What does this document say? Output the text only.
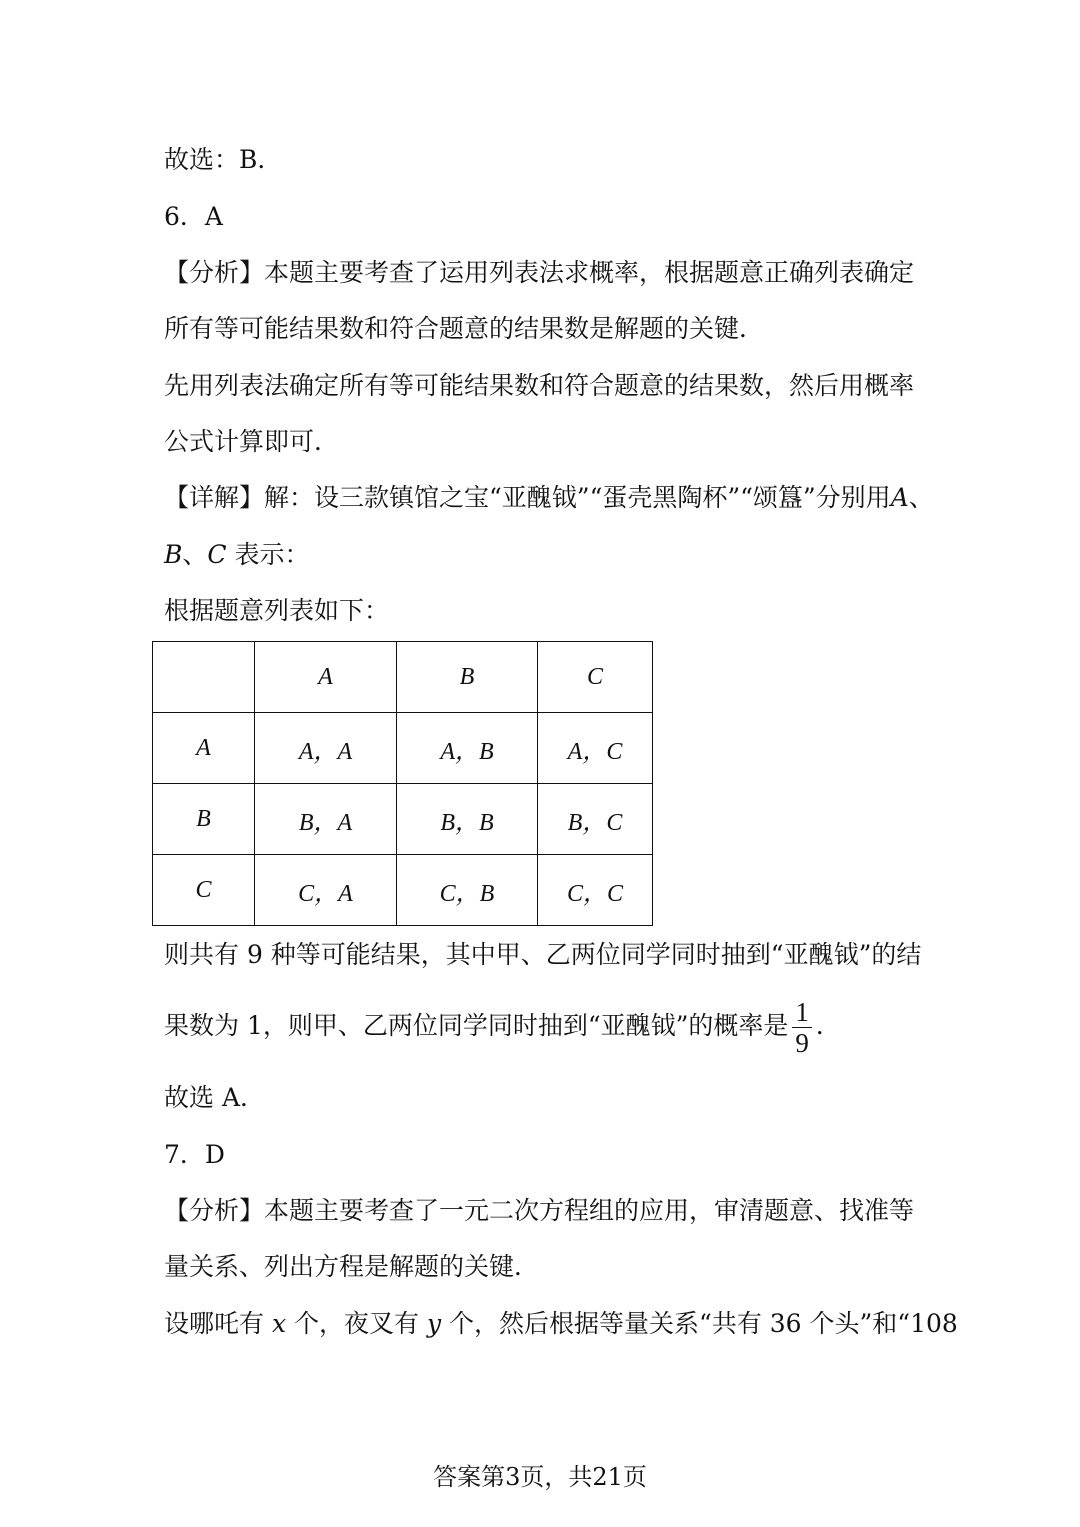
故选：B．
6．A
【分析】本题主要考查了运用列表法求概率，根据题意正确列表确定
所有等可能结果数和符合题意的结果数是解题的关键．
先用列表法确定所有等可能结果数和符合题意的结果数，然后用概率
公式计算即可．
【详解】解：设三款镇馆之宝“亚醜钺”“蛋壳黑陶杯”“颂簋”分别用A、
B、C 表示：
根据题意列表如下：
	A	B	C
A	A，A	A，B	A，C
B	B，A	B，B	B，C
C	C，A	C，B	C，C
则共有 9 种等可能结果，其中甲、乙两位同学同时抽到“亚醜钺”的结
果数为 1，则甲、乙两位同学同时抽到“亚醜钺”的概率是 $\frac{1}{9}$ ．
故选 A．
7．D
【分析】本题主要考查了一元二次方程组的应用，审清题意、找准等
量关系、列出方程是解题的关键．
设哪吒有 x 个，夜叉有 y 个，然后根据等量关系“共有 36 个头”和“108
答案第3页，共21页
